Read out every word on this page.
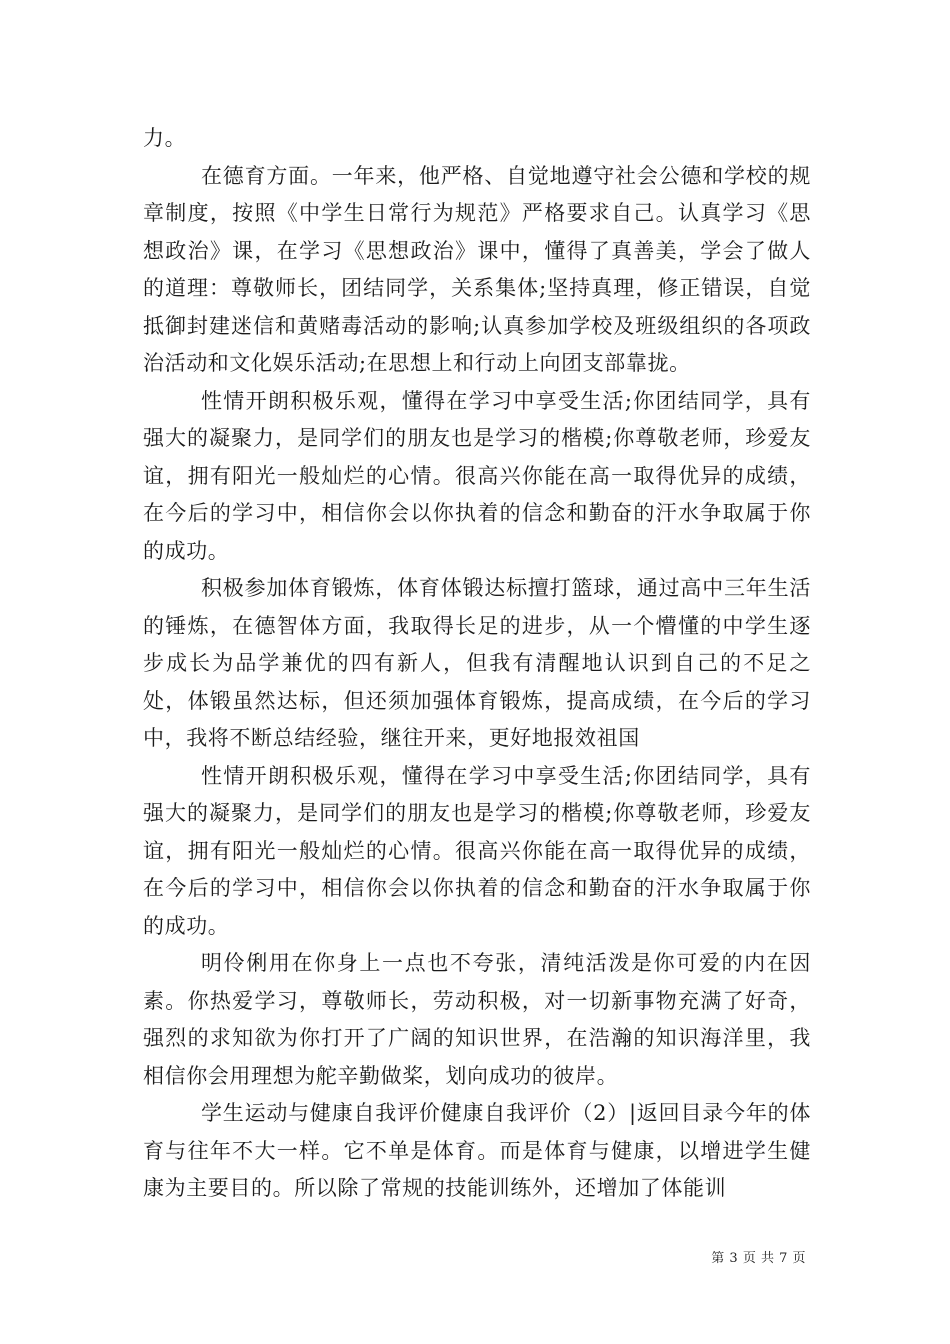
力。

在德育方面。一年来，他严格、自觉地遵守社会公德和学校的规章制度，按照《中学生日常行为规范》严格要求自己。认真学习《思想政治》课，在学习《思想政治》课中，懂得了真善美，学会了做人的道理：尊敬师长，团结同学，关系集体;坚持真理，修正错误，自觉抵御封建迷信和黄赌毒活动的影响;认真参加学校及班级组织的各项政治活动和文化娱乐活动;在思想上和行动上向团支部靠拢。

性情开朗积极乐观，懂得在学习中享受生活;你团结同学，具有强大的凝聚力，是同学们的朋友也是学习的楷模;你尊敬老师，珍爱友谊，拥有阳光一般灿烂的心情。很高兴你能在高一取得优异的成绩，在今后的学习中，相信你会以你执着的信念和勤奋的汗水争取属于你的成功。

积极参加体育锻炼，体育体锻达标擅打篮球，通过高中三年生活的锤炼，在德智体方面，我取得长足的进步，从一个懵懂的中学生逐步成长为品学兼优的四有新人，但我有清醒地认识到自己的不足之处，体锻虽然达标，但还须加强体育锻炼，提高成绩，在今后的学习中，我将不断总结经验，继往开来，更好地报效祖国

性情开朗积极乐观，懂得在学习中享受生活;你团结同学，具有强大的凝聚力，是同学们的朋友也是学习的楷模;你尊敬老师，珍爱友谊，拥有阳光一般灿烂的心情。很高兴你能在高一取得优异的成绩，在今后的学习中，相信你会以你执着的信念和勤奋的汗水争取属于你的成功。

明伶俐用在你身上一点也不夸张，清纯活泼是你可爱的内在因素。你热爱学习，尊敬师长，劳动积极，对一切新事物充满了好奇，强烈的求知欲为你打开了广阔的知识世界，在浩瀚的知识海洋里，我相信你会用理想为舵辛勤做桨，划向成功的彼岸。

学生运动与健康自我评价健康自我评价（2）|返回目录今年的体育与往年不大一样。它不单是体育。而是体育与健康，以增进学生健康为主要目的。所以除了常规的技能训练外，还增加了体能训

第 3 页 共 7 页
